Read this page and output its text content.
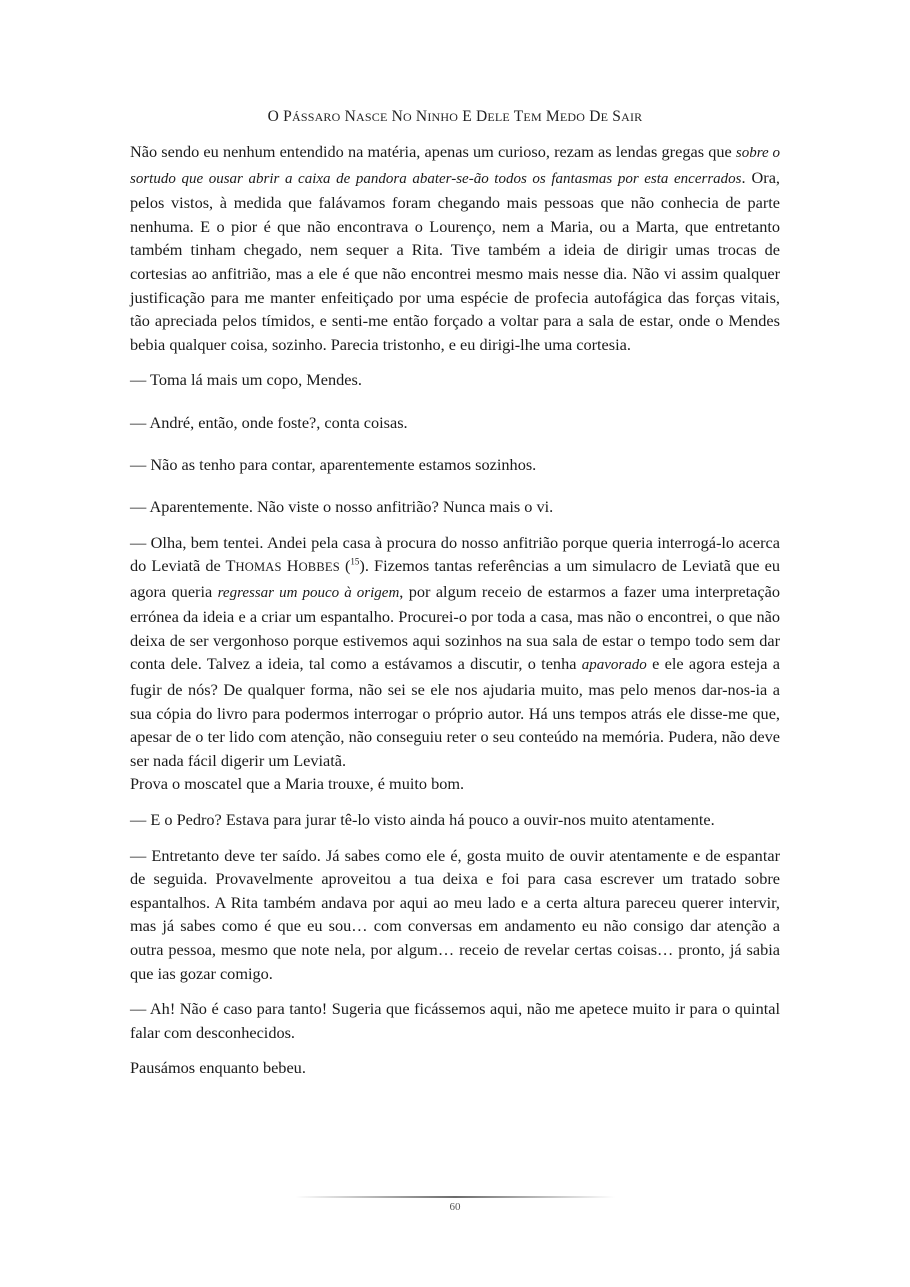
O PÁSSARO NASCE NO NINHO E DELE TEM MEDO DE SAIR

Não sendo eu nenhum entendido na matéria, apenas um curioso, rezam as lendas gregas que sobre o sortudo que ousar abrir a caixa de pandora abater-se-ão todos os fantasmas por esta encerrados. Ora, pelos vistos, à medida que falávamos foram chegando mais pessoas que não conhecia de parte nenhuma. E o pior é que não encontrava o Lourenço, nem a Maria, ou a Marta, que entretanto também tinham chegado, nem sequer a Rita. Tive também a ideia de dirigir umas trocas de cortesias ao anfitrião, mas a ele é que não encontrei mesmo mais nesse dia. Não vi assim qualquer justificação para me manter enfeitiçado por uma espécie de profecia autofágica das forças vitais, tão apreciada pelos tímidos, e senti-me então forçado a voltar para a sala de estar, onde o Mendes bebia qualquer coisa, sozinho. Parecia tristonho, e eu dirigi-lhe uma cortesia.

— Toma lá mais um copo, Mendes.

— André, então, onde foste?, conta coisas.

— Não as tenho para contar, aparentemente estamos sozinhos.

— Aparentemente. Não viste o nosso anfitrião? Nunca mais o vi.

— Olha, bem tentei. Andei pela casa à procura do nosso anfitrião porque queria interrogá-lo acerca do Leviatã de THOMAS HOBBES ($^{15}$). Fizemos tantas referências a um simulacro de Leviatã que eu agora queria regressar um pouco à origem, por algum receio de estarmos a fazer uma interpretação errónea da ideia e a criar um espantalho. Procurei-o por toda a casa, mas não o encontrei, o que não deixa de ser vergonhoso porque estivemos aqui sozinhos na sua sala de estar o tempo todo sem dar conta dele. Talvez a ideia, tal como a estávamos a discutir, o tenha apavorado e ele agora esteja a fugir de nós? De qualquer forma, não sei se ele nos ajudaria muito, mas pelo menos dar-nos-ia a sua cópia do livro para podermos interrogar o próprio autor. Há uns tempos atrás ele disse-me que, apesar de o ter lido com atenção, não conseguiu reter o seu conteúdo na memória. Pudera, não deve ser nada fácil digerir um Leviatã.

Prova o moscatel que a Maria trouxe, é muito bom.

— E o Pedro? Estava para jurar tê-lo visto ainda há pouco a ouvir-nos muito atentamente.

— Entretanto deve ter saído. Já sabes como ele é, gosta muito de ouvir atentamente e de espantar de seguida. Provavelmente aproveitou a tua deixa e foi para casa escrever um tratado sobre espantalhos. A Rita também andava por aqui ao meu lado e a certa altura pareceu querer intervir, mas já sabes como é que eu sou… com conversas em andamento eu não consigo dar atenção a outra pessoa, mesmo que note nela, por algum… receio de revelar certas coisas… pronto, já sabia que ias gozar comigo.

— Ah! Não é caso para tanto! Sugeria que ficássemos aqui, não me apetece muito ir para o quintal falar com desconhecidos.

Pausámos enquanto bebeu.

60
